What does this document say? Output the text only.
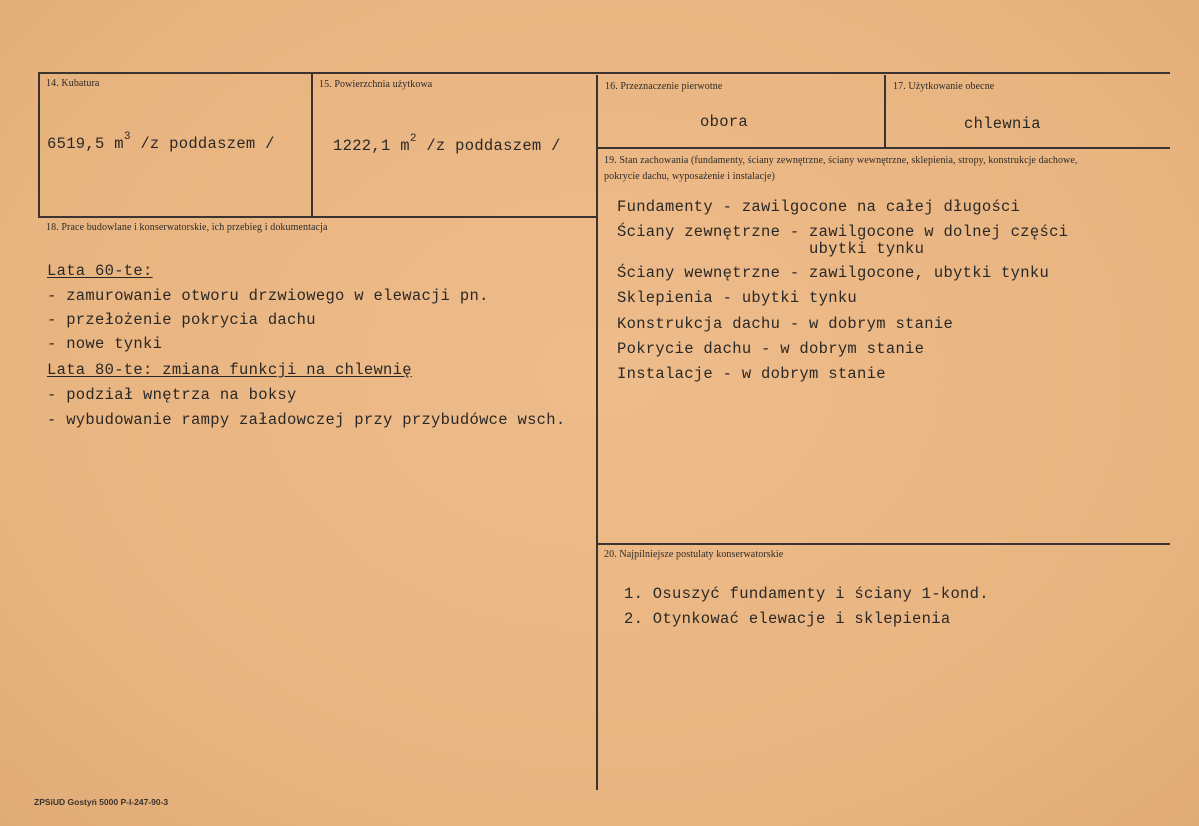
14. Kubatura
6519,5 $m^3$ /z poddaszem /
15. Powierzchnia użytkowa
1222,1 $m^2$ /z poddaszem /
16. Przeznaczenie pierwotne
obora
17. Użytkowanie obecne
chlewnia
18. Prace budowlane i konserwatorskie, ich przebieg i dokumentacja
Lata 60-te:
- zamurowanie otworu drzwiowego w elewacji pn.
- przełożenie pokrycia dachu
- nowe tynki
Lata 80-te: zmiana funkcji na chlewnię
- podział wnętrza na boksy
- wybudowanie rampy załadowczej przy przybudówce wsch.
19. Stan zachowania (fundamenty, ściany zewnętrzne, ściany wewnętrzne, sklepienia, stropy, konstrukcje dachowe, pokrycie dachu, wyposażenie i instalacje)
Fundamenty - zawilgocone na całej długości
Ściany zewnętrzne - zawilgocone w dolnej części
ubytki tynku
Ściany wewnętrzne - zawilgocone, ubytki tynku
Sklepienia - ubytki tynku
Konstrukcja dachu - w dobrym stanie
Pokrycie dachu - w dobrym stanie
Instalacje - w dobrym stanie
20. Najpilniejsze postulaty konserwatorskie
1. Osuszyć fundamenty i ściany 1-kond.
2. Otynkować elewacje i sklepienia
ZPSiUD Gostyń 5000 P-I-247-90-3
